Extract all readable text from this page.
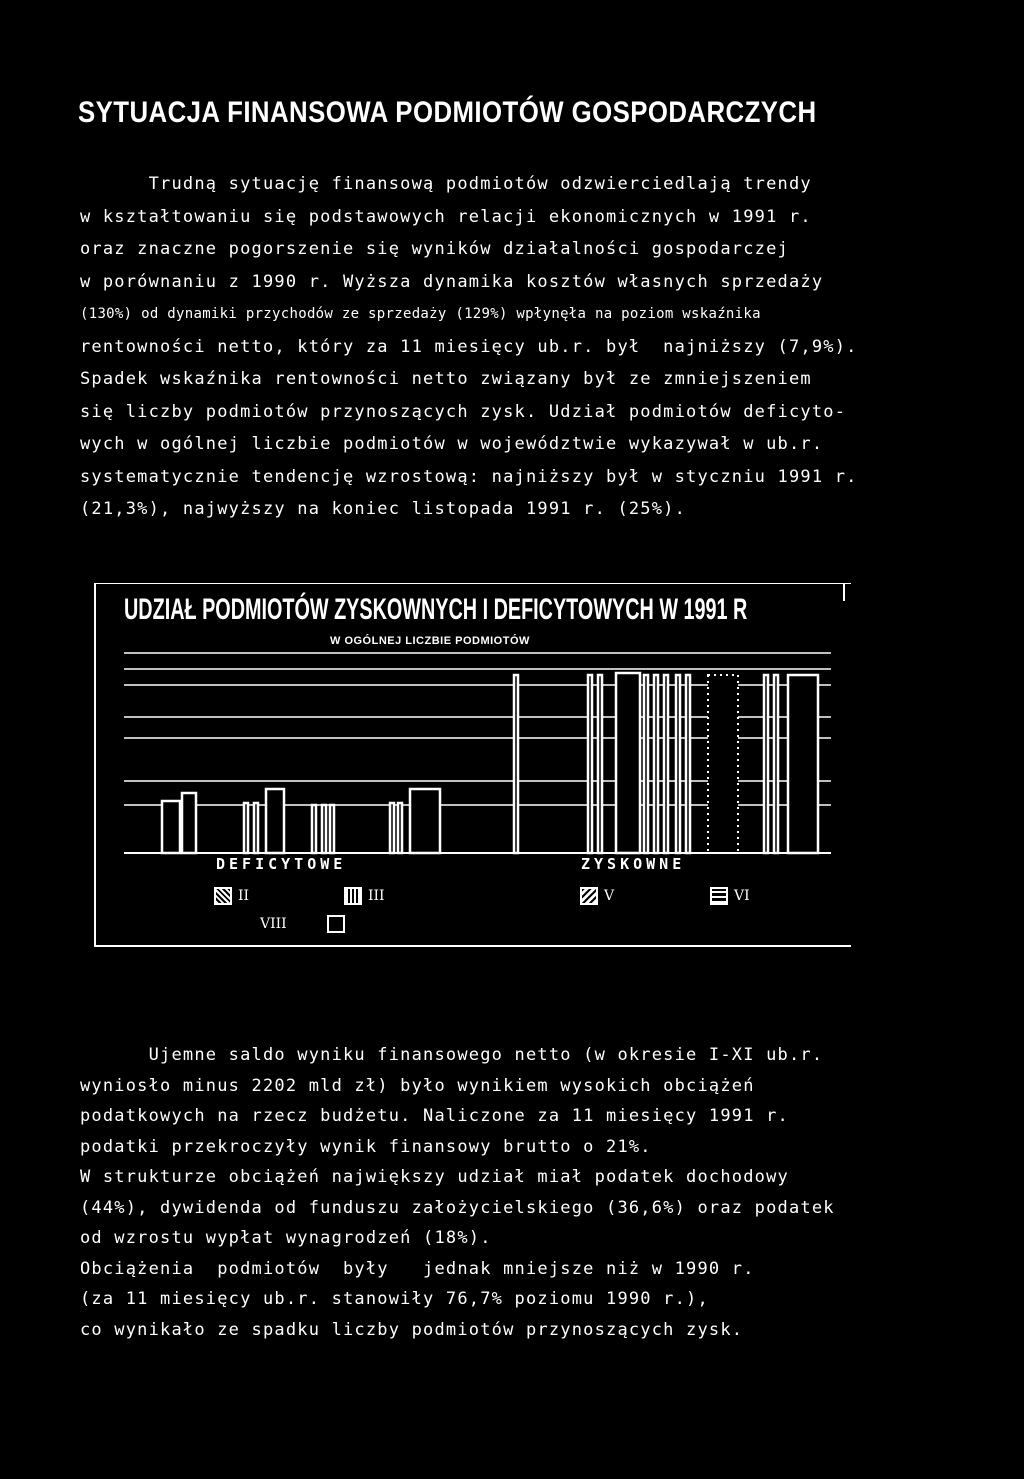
SYTUACJA FINANSOWA PODMIOTÓW GOSPODARCZYCH
Trudną sytuację finansową podmiotów odzwierciedlają trendy
w kształtowaniu się podstawowych relacji ekonomicznych w 1991 r.
oraz znaczne pogorszenie się wyników działalności gospodarczej
w porównaniu z 1990 r. Wyższa dynamika kosztów własnych sprzedaży
(130%) od dynamiki przychodów ze sprzedaży (129%) wpłynęła na poziom wskaźnika
rentowności netto, który za 11 miesięcy ub.r. był  najniższy (7,9%).
Spadek wskaźnika rentowności netto związany był ze zmniejszeniem
się liczby podmiotów przynoszących zysk. Udział podmiotów deficyto-
wych w ogólnej liczbie podmiotów w województwie wykazywał w ub.r.
systematycznie tendencję wzrostową: najniższy był w styczniu 1991 r.
(21,3%), najwyższy na koniec listopada 1991 r. (25%).
UDZIAŁ PODMIOTÓW ZYSKOWNYCH I DEFICYTOWYCH W 1991 R
W OGÓLNEJ LICZBIE PODMIOTÓW
DEFICYTOWE	ZYSKOWNE
II	III	V	VI
VIII
Ujemne saldo wyniku finansowego netto (w okresie I-XI ub.r.
wyniosło minus 2202 mld zł) było wynikiem wysokich obciążeń
podatkowych na rzecz budżetu. Naliczone za 11 miesięcy 1991 r.
podatki przekroczyły wynik finansowy brutto o 21%.
W strukturze obciążeń największy udział miał podatek dochodowy
(44%), dywidenda od funduszu założycielskiego (36,6%) oraz podatek
od wzrostu wypłat wynagrodzeń (18%).
Obciążenia  podmiotów  były   jednak mniejsze niż w 1990 r.
(za 11 miesięcy ub.r. stanowiły 76,7% poziomu 1990 r.),
co wynikało ze spadku liczby podmiotów przynoszących zysk.
